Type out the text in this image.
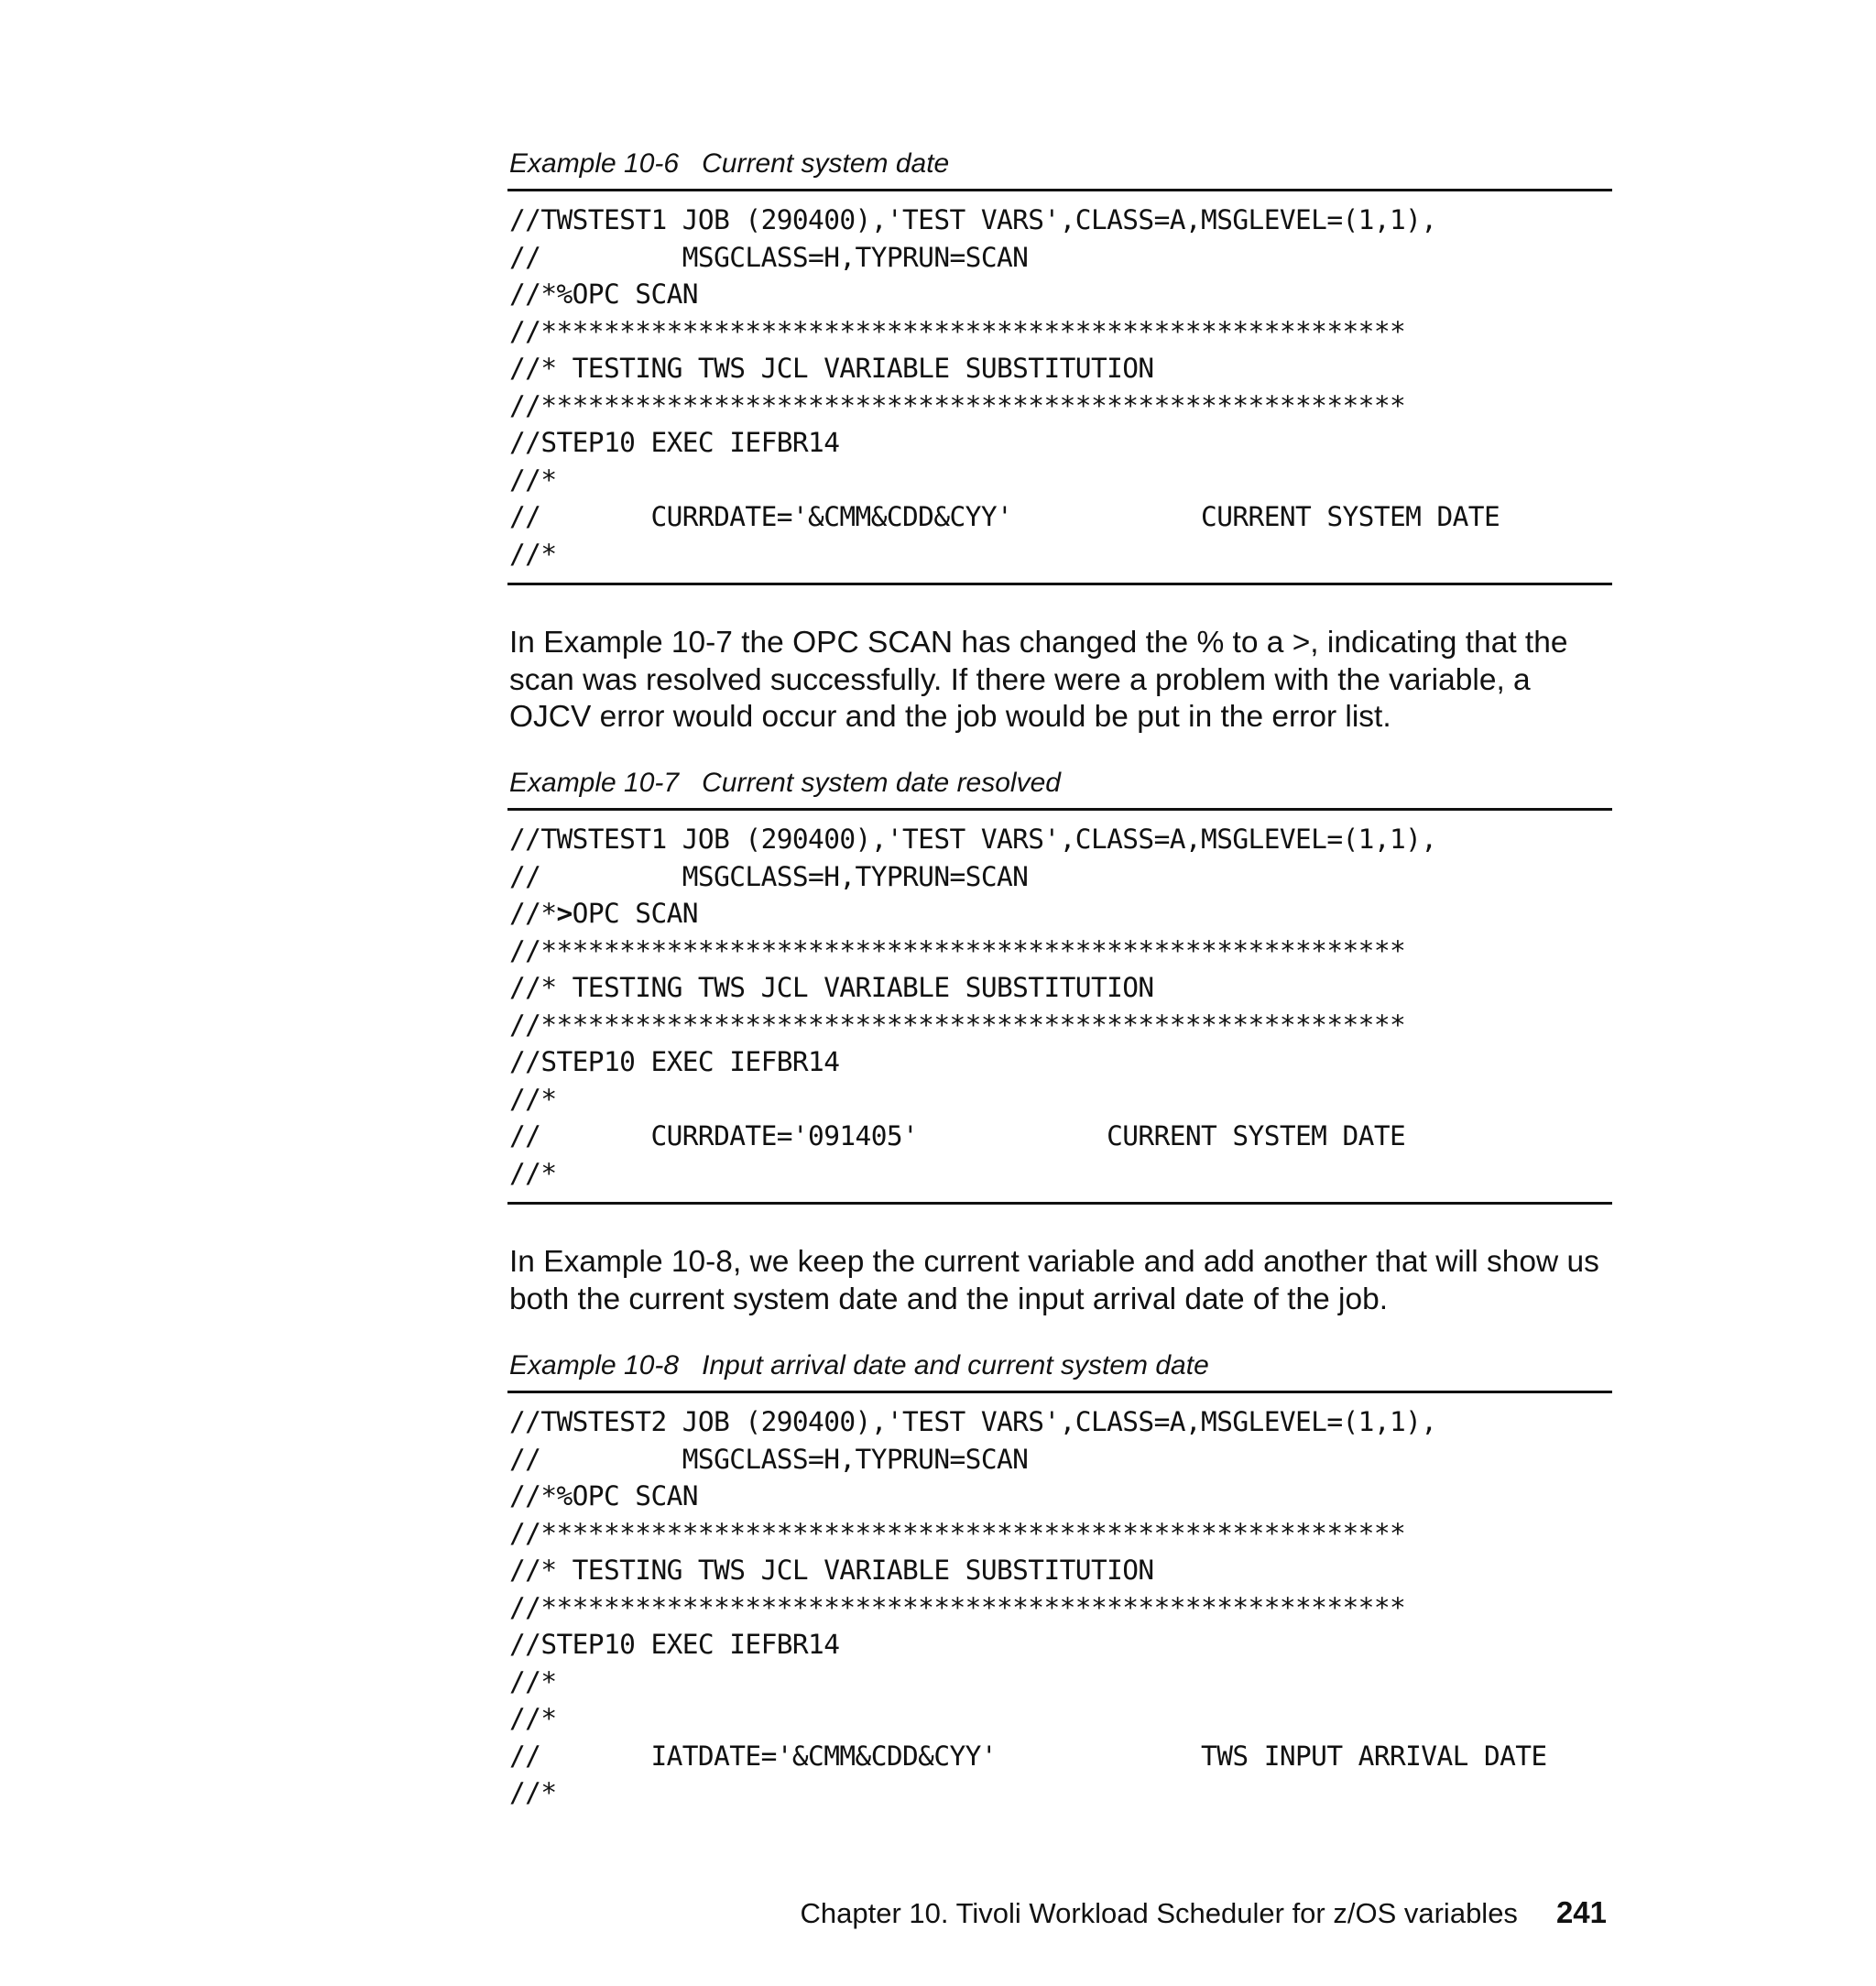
Example 10-6 Current system date
//TWSTEST1 JOB (290400),'TEST VARS',CLASS=A,MSGLEVEL=(1,1),
//         MSGCLASS=H,TYPRUN=SCAN
//*%OPC SCAN
//*******************************************************
//* TESTING TWS JCL VARIABLE SUBSTITUTION
//*******************************************************
//STEP10 EXEC IEFBR14
//*
//       CURRDATE='&CMM&CDD&CYY'            CURRENT SYSTEM DATE
//*
In Example 10-7 the OPC SCAN has changed the % to a >, indicating that the
scan was resolved successfully. If there were a problem with the variable, a
OJCV error would occur and the job would be put in the error list.
Example 10-7 Current system date resolved
//TWSTEST1 JOB (290400),'TEST VARS',CLASS=A,MSGLEVEL=(1,1),
//         MSGCLASS=H,TYPRUN=SCAN
//*>OPC SCAN
//*******************************************************
//* TESTING TWS JCL VARIABLE SUBSTITUTION
//*******************************************************
//STEP10 EXEC IEFBR14
//*
//       CURRDATE='091405'            CURRENT SYSTEM DATE
//*
In Example 10-8, we keep the current variable and add another that will show us
both the current system date and the input arrival date of the job.
Example 10-8 Input arrival date and current system date
//TWSTEST2 JOB (290400),'TEST VARS',CLASS=A,MSGLEVEL=(1,1),
//         MSGCLASS=H,TYPRUN=SCAN
//*%OPC SCAN
//*******************************************************
//* TESTING TWS JCL VARIABLE SUBSTITUTION
//*******************************************************
//STEP10 EXEC IEFBR14
//*
//*
//       IATDATE='&CMM&CDD&CYY'             TWS INPUT ARRIVAL DATE
//*
Chapter 10. Tivoli Workload Scheduler for z/OS variables 241
